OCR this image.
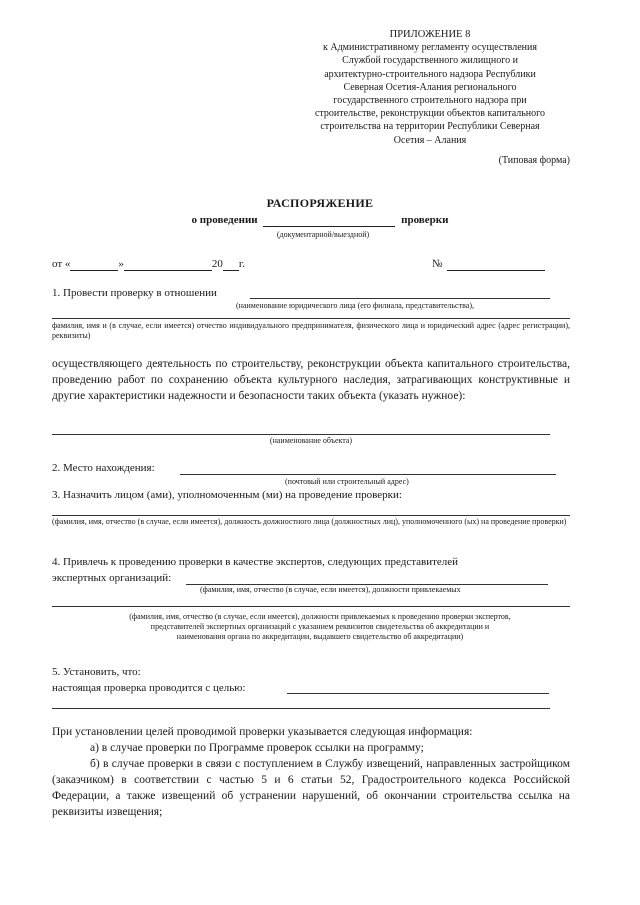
ПРИЛОЖЕНИЕ 8
к Административному регламенту осуществления
Службой государственного жилищного и
архитектурно-строительного надзора Республики
Северная Осетия-Алания регионального
государственного строительного надзора при
строительстве, реконструкции объектов капитального
строительства на территории Республики Северная
Осетия – Алания
(Типовая форма)
РАСПОРЯЖЕНИЕ
о проведении	проверки
(документарной/выездной)
от «	»	20 г.	№
1. Провести проверку в отношении
(наименование юридического лица (его филиала, представительства),
фамилия, имя и (в случае, если имеется) отчество индивидуального предпринимателя, физического лица и юридический адрес (адрес регистрации), реквизиты)
осуществляющего деятельность по строительству, реконструкции объекта капитального строительства, проведению работ по сохранению объекта культурного наследия, затрагивающих конструктивные и другие характеристики надежности и безопасности таких объекта (указать нужное):
(наименование объекта)
2. Место нахождения:
(почтовый или строительный адрес)
3. Назначить лицом (ами), уполномоченным (ми) на проведение проверки:
(фамилия, имя, отчество (в случае, если имеется), должность должностного лица (должностных лиц), уполномоченного (ых) на проведение проверки)
4. Привлечь к проведению проверки в качестве экспертов, следующих представителей
экспертных организаций:
(фамилия, имя, отчество (в случае, если имеется), должности привлекаемых
(фамилия, имя, отчество (в случае, если имеется), должности привлекаемых к проведению проверки экспертов,
представителей экспертных организаций с указанием реквизитов свидетельства об аккредитации и
наименования органа по аккредитации, выдавшего свидетельство об аккредитации)
5. Установить, что:
настоящая проверка проводится с целью:
При установлении целей проводимой проверки указывается следующая информация:
а) в случае проверки по Программе проверок ссылки на программу;
б) в случае проверки в связи с поступлением в Службу извещений, направленных застройщиком (заказчиком) в соответствии с частью 5 и 6 статьи 52, Градостроительного кодекса Российской Федерации, а также извещений об устранении нарушений, об окончании строительства ссылка на реквизиты извещения;
